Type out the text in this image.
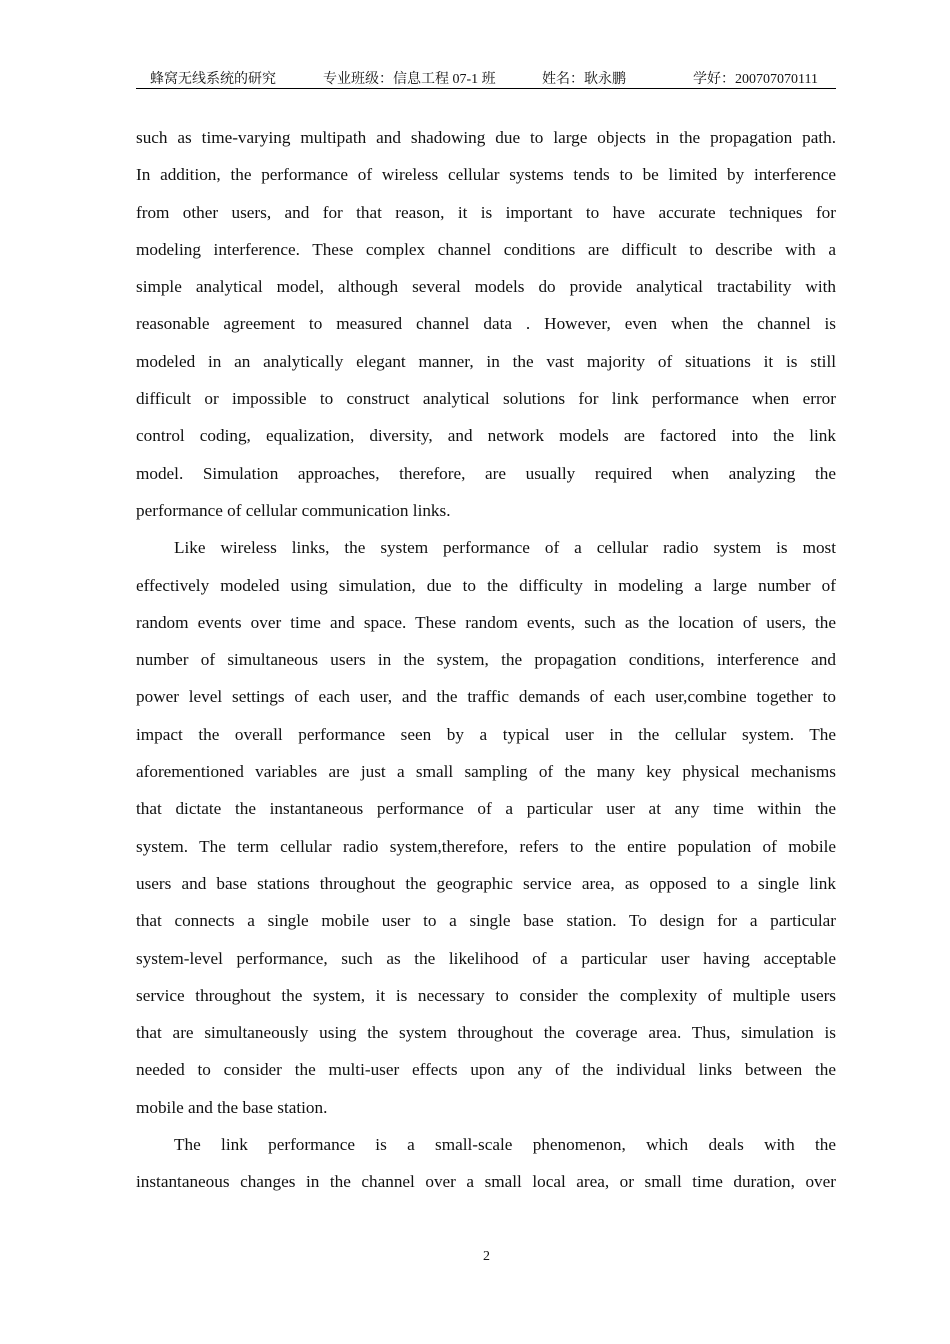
蜂窝无线系统的研究	专业班级：信息工程 07-1 班	姓名：耿永鹏	学好：200707070111

such as time-varying multipath and shadowing due to large objects in the propagation path.
In addition, the performance of wireless cellular systems tends to be limited by interference
from other users, and for that reason, it is important to have accurate techniques for
modeling interference. These complex channel conditions are difficult to describe with a
simple analytical model, although several models do provide analytical tractability with
reasonable agreement to measured channel data . However, even when the channel is
modeled in an analytically elegant manner, in the vast majority of situations it is still
difficult or impossible to construct analytical solutions for link performance when error
control coding, equalization, diversity, and network models are factored into the link
model. Simulation approaches, therefore, are usually required when analyzing the
performance of cellular communication links.

Like wireless links, the system performance of a cellular radio system is most
effectively modeled using simulation, due to the difficulty in modeling a large number of
random events over time and space. These random events, such as the location of users, the
number of simultaneous users in the system, the propagation conditions, interference and
power level settings of each user, and the traffic demands of each user,combine together to
impact the overall performance seen by a typical user in the cellular system. The
aforementioned variables are just a small sampling of the many key physical mechanisms
that dictate the instantaneous performance of a particular user at any time within the
system. The term cellular radio system,therefore, refers to the entire population of mobile
users and base stations throughout the geographic service area, as opposed to a single link
that connects a single mobile user to a single base station. To design for a particular
system-level performance, such as the likelihood of a particular user having acceptable
service throughout the system, it is necessary to consider the complexity of multiple users
that are simultaneously using the system throughout the coverage area. Thus, simulation is
needed to consider the multi-user effects upon any of the individual links between the
mobile and the base station.

The link performance is a small-scale phenomenon, which deals with the
instantaneous changes in the channel over a small local area, or small time duration, over

2
